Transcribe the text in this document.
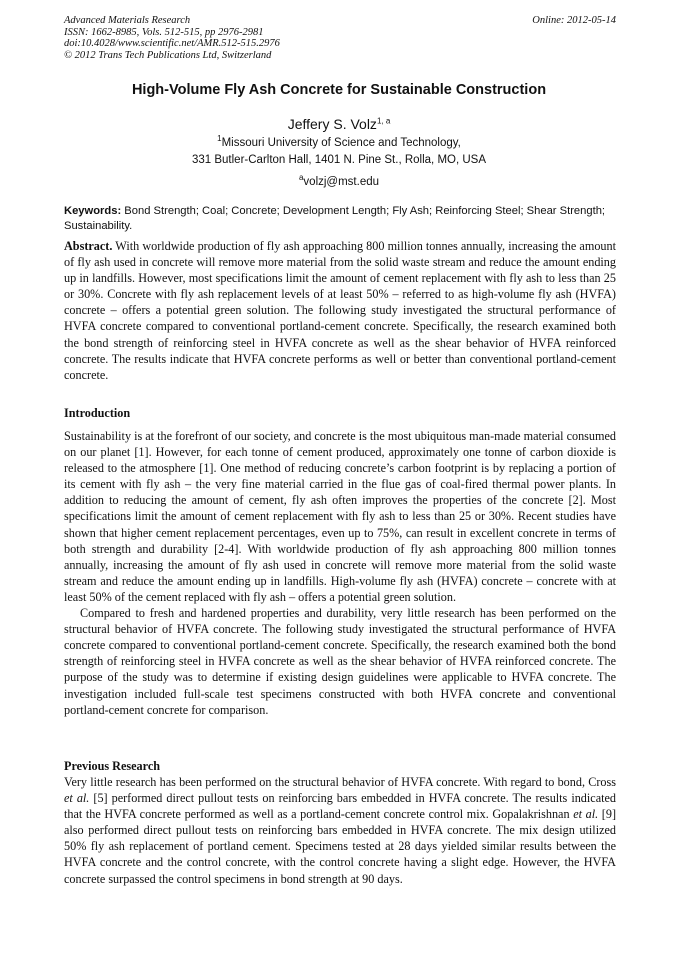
Advanced Materials Research
ISSN: 1662-8985, Vols. 512-515, pp 2976-2981
doi:10.4028/www.scientific.net/AMR.512-515.2976
© 2012 Trans Tech Publications Ltd, Switzerland
Online: 2012-05-14
High-Volume Fly Ash Concrete for Sustainable Construction
Jeffery S. Volz$^{1, a}$
$^1$Missouri University of Science and Technology,
331 Butler-Carlton Hall, 1401 N. Pine St., Rolla, MO, USA
$^a$volzj@mst.edu
Keywords: Bond Strength; Coal; Concrete; Development Length; Fly Ash; Reinforcing Steel; Shear Strength; Sustainability.
Abstract. With worldwide production of fly ash approaching 800 million tonnes annually, increasing the amount of fly ash used in concrete will remove more material from the solid waste stream and reduce the amount ending up in landfills. However, most specifications limit the amount of cement replacement with fly ash to less than 25 or 30%. Concrete with fly ash replacement levels of at least 50% – referred to as high-volume fly ash (HVFA) concrete – offers a potential green solution. The following study investigated the structural performance of HVFA concrete compared to conventional portland-cement concrete. Specifically, the research examined both the bond strength of reinforcing steel in HVFA concrete as well as the shear behavior of HVFA reinforced concrete. The results indicate that HVFA concrete performs as well or better than conventional portland-cement concrete.
Introduction

Sustainability is at the forefront of our society, and concrete is the most ubiquitous man-made material consumed on our planet [1]. However, for each tonne of cement produced, approximately one tonne of carbon dioxide is released to the atmosphere [1]. One method of reducing concrete’s carbon footprint is by replacing a portion of its cement with fly ash – the very fine material carried in the flue gas of coal-fired thermal power plants. In addition to reducing the amount of cement, fly ash often improves the properties of the concrete [2]. Most specifications limit the amount of cement replacement with fly ash to less than 25 or 30%. Recent studies have shown that higher cement replacement percentages, even up to 75%, can result in excellent concrete in terms of both strength and durability [2-4]. With worldwide production of fly ash approaching 800 million tonnes annually, increasing the amount of fly ash used in concrete will remove more material from the solid waste stream and reduce the amount ending up in landfills. High-volume fly ash (HVFA) concrete – concrete with at least 50% of the cement replaced with fly ash – offers a potential green solution.

Compared to fresh and hardened properties and durability, very little research has been performed on the structural behavior of HVFA concrete. The following study investigated the structural performance of HVFA concrete compared to conventional portland-cement concrete. Specifically, the research examined both the bond strength of reinforcing steel in HVFA concrete as well as the shear behavior of HVFA reinforced concrete. The purpose of the study was to determine if existing design guidelines were applicable to HVFA concrete. The investigation included full-scale test specimens constructed with both HVFA concrete and conventional portland-cement concrete for comparison.

Previous Research
Very little research has been performed on the structural behavior of HVFA concrete. With regard to bond, Cross et al. [5] performed direct pullout tests on reinforcing bars embedded in HVFA concrete. The results indicated that the HVFA concrete performed as well as a portland-cement concrete control mix. Gopalakrishnan et al. [9] also performed direct pullout tests on reinforcing bars embedded in HVFA concrete. The mix design utilized 50% fly ash replacement of portland cement. Specimens tested at 28 days yielded similar results between the HVFA concrete and the control concrete, with the control concrete having a slight edge. However, the HVFA concrete surpassed the control specimens in bond strength at 90 days.
